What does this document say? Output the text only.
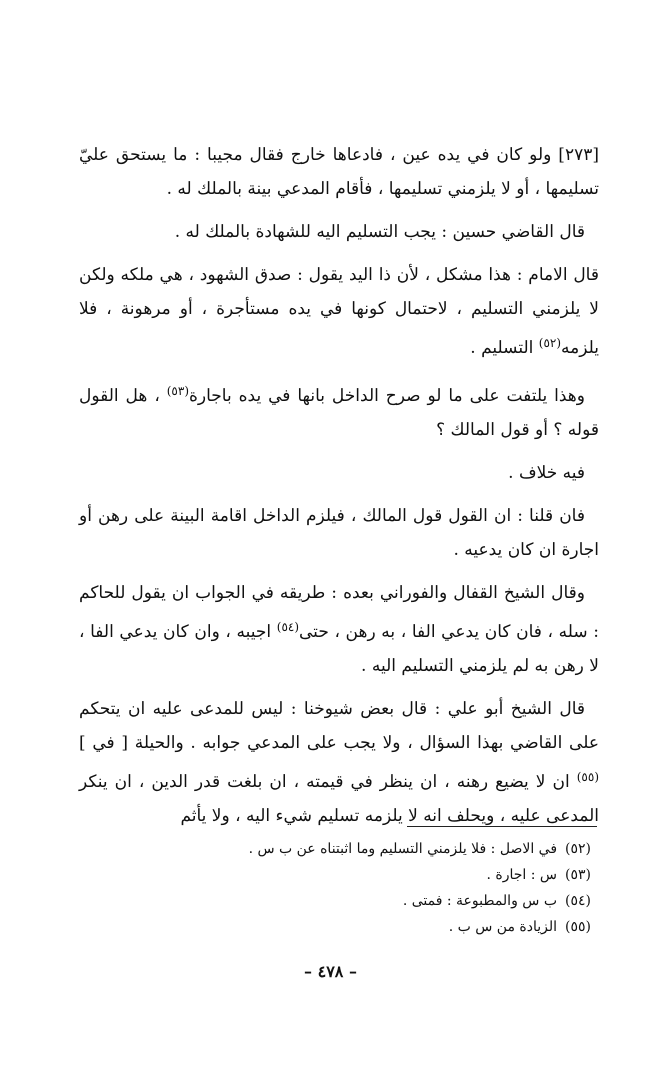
[٢٧٣] ولو كان في يده عين ، فادعاها خارج فقال مجيبا : ما يستحق عليّ تسليمها ، أو لا يلزمني تسليمها ، فأقام المدعي بينة بالملك له .

قال القاضي حسين : يجب التسليم اليه للشهادة بالملك له .

قال الامام : هذا مشكل ، لأن ذا اليد يقول : صدق الشهود ، هي ملكه ولكن لا يلزمني التسليم ، لاحتمال كونها في يده مستأجرة ، أو مرهونة ، فلا يلزمه$^{(٥٢)}$ التسليم .

وهذا يلتفت على ما لو صرح الداخل بانها في يده باجارة$^{(٥٣)}$ ، هل القول قوله ؟ أو قول المالك ؟

فيه خلاف .

فان قلنا : ان القول قول المالك ، فيلزم الداخل اقامة البينة على رهن أو اجارة ان كان يدعيه .

وقال الشيخ القفال والفوراني بعده : طريقه في الجواب ان يقول للحاكم : سله ، فان كان يدعي الفا ، به رهن ، حتى$^{(٥٤)}$ اجيبه ، وان كان يدعي الفا ، لا رهن به لم يلزمني التسليم اليه .

قال الشيخ أبو علي : قال بعض شيوخنا : ليس للمدعى عليه ان يتحكم على القاضي بهذا السؤال ، ولا يجب على المدعي جوابه . والحيلة [ في ]$^{(٥٥)}$ ان لا يضيع رهنه ، ان ينظر في قيمته ، ان بلغت قدر الدين ، ان ينكر المدعى عليه ، ويحلف انه لا يلزمه تسليم شيء اليه ، ولا يأثم

(٥٢)في الاصل : فلا يلزمني التسليم وما اثبتناه عن ب س .

(٥٣)س : اجارة .

(٥٤)ب س والمطبوعة : فمتى .

(٥٥)الزيادة من س ب .

– ٤٧٨ –
